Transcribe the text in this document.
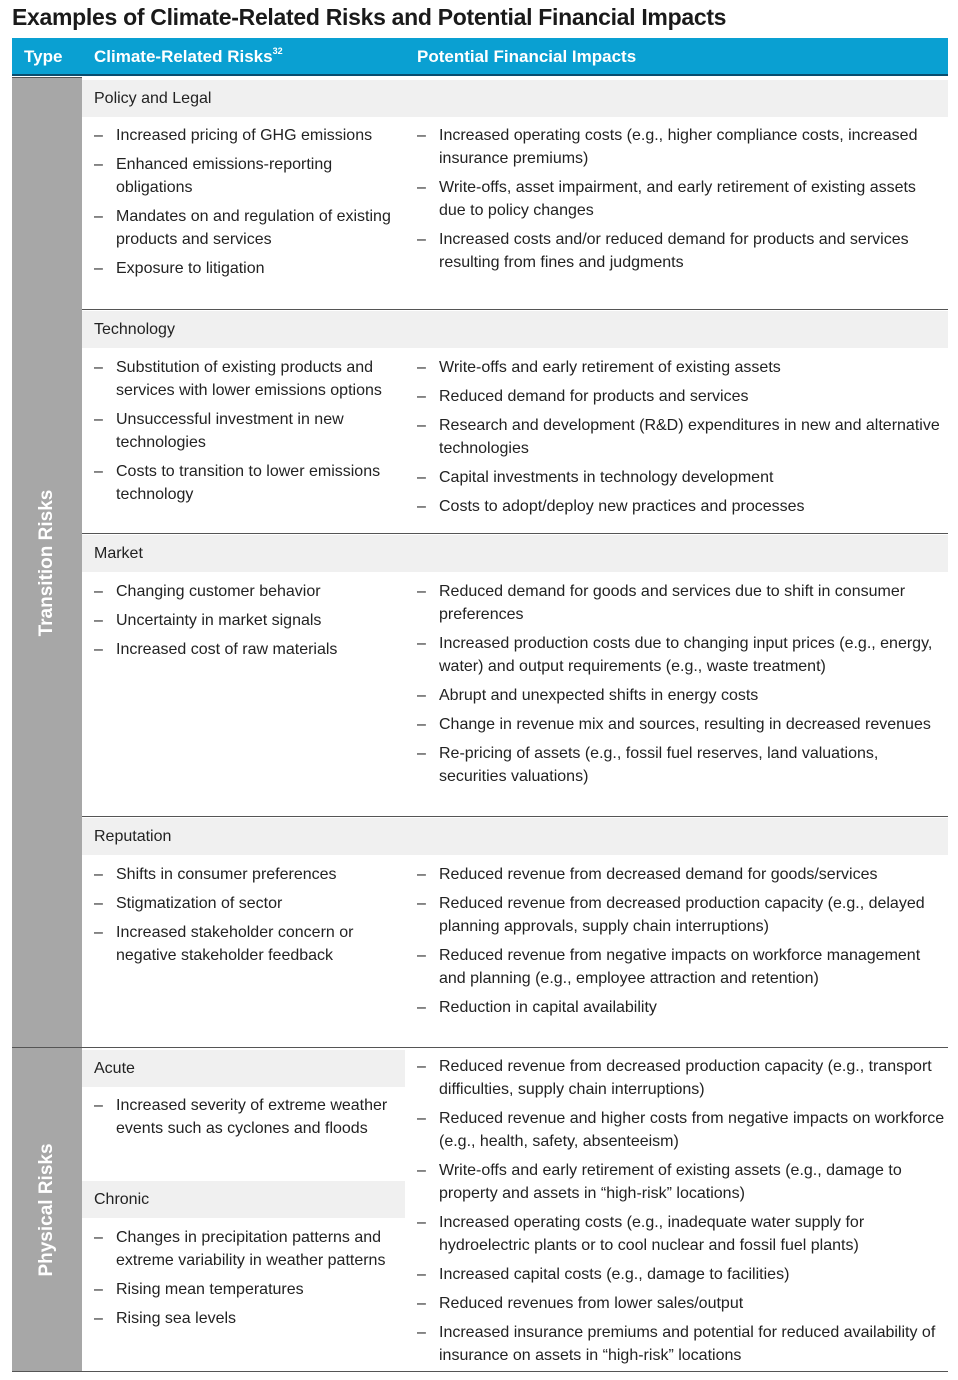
Examples of Climate-Related Risks and Potential Financial Impacts
Type Climate-Related Risks$^{32}$	Potential Financial Impacts
Transition Risks
Physical Risks
Policy and Legal
– Increased pricing of GHG emissions
– Enhanced emissions-reporting obligations
– Mandates on and regulation of existing products and services
– Exposure to litigation
– Increased operating costs (e.g., higher compliance costs, increased insurance premiums)
– Write-offs, asset impairment, and early retirement of existing assets due to policy changes
– Increased costs and/or reduced demand for products and services resulting from fines and judgments
Technology
– Substitution of existing products and services with lower emissions options
– Unsuccessful investment in new technologies
– Costs to transition to lower emissions technology
– Write-offs and early retirement of existing assets
– Reduced demand for products and services
– Research and development (R&D) expenditures in new and alternative technologies
– Capital investments in technology development
– Costs to adopt/deploy new practices and processes
Market
– Changing customer behavior
– Uncertainty in market signals
– Increased cost of raw materials
– Reduced demand for goods and services due to shift in consumer preferences
– Increased production costs due to changing input prices (e.g., energy, water) and output requirements (e.g., waste treatment)
– Abrupt and unexpected shifts in energy costs
– Change in revenue mix and sources, resulting in decreased revenues
– Re-pricing of assets (e.g., fossil fuel reserves, land valuations, securities valuations)
Reputation
– Shifts in consumer preferences
– Stigmatization of sector
– Increased stakeholder concern or negative stakeholder feedback
– Reduced revenue from decreased demand for goods/services
– Reduced revenue from decreased production capacity (e.g., delayed planning approvals, supply chain interruptions)
– Reduced revenue from negative impacts on workforce management and planning (e.g., employee attraction and retention)
– Reduction in capital availability
Acute
– Increased severity of extreme weather events such as cyclones and floods
Chronic
– Changes in precipitation patterns and extreme variability in weather patterns
– Rising mean temperatures
– Rising sea levels
– Reduced revenue from decreased production capacity (e.g., transport difficulties, supply chain interruptions)
– Reduced revenue and higher costs from negative impacts on workforce (e.g., health, safety, absenteeism)
– Write-offs and early retirement of existing assets (e.g., damage to property and assets in “high-risk” locations)
– Increased operating costs (e.g., inadequate water supply for hydroelectric plants or to cool nuclear and fossil fuel plants)
– Increased capital costs (e.g., damage to facilities)
– Reduced revenues from lower sales/output
– Increased insurance premiums and potential for reduced availability of insurance on assets in “high-risk” locations
